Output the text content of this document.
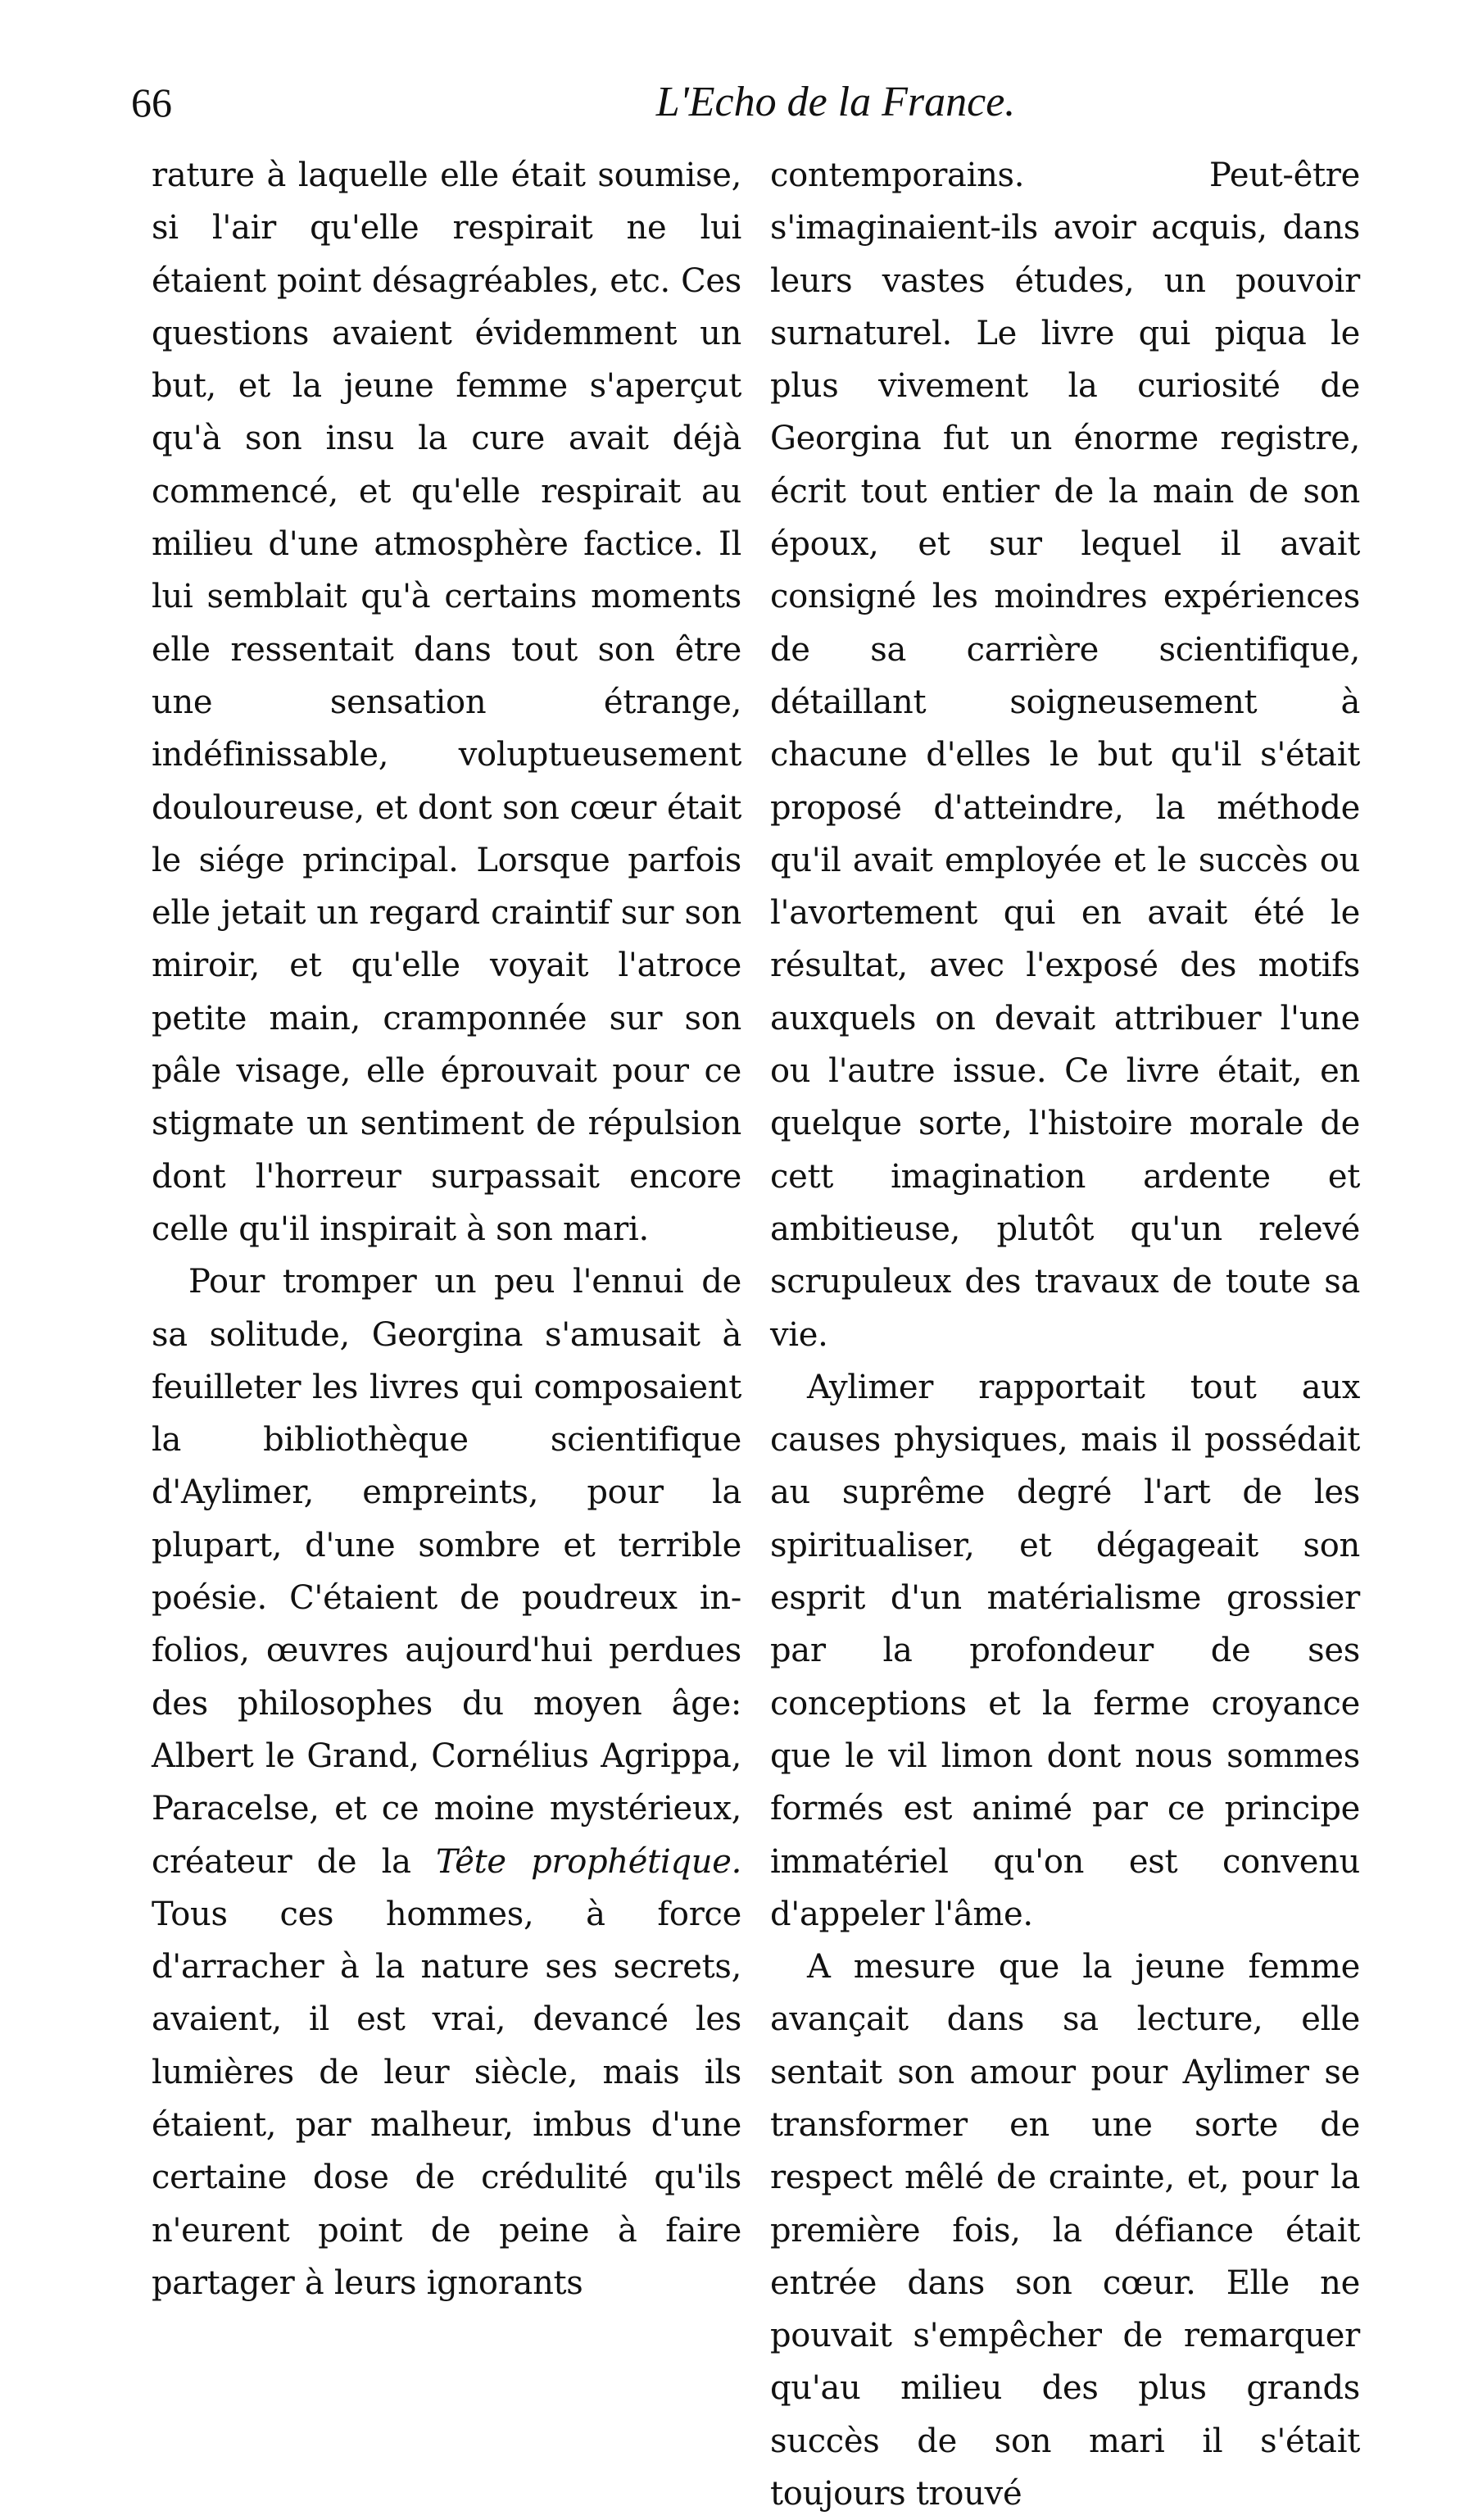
66	L'Echo de la France.

rature à laquelle elle était soumise, si l'air qu'elle respirait ne lui étaient point désagréables, etc. Ces questions avaient évidemment un but, et la jeune femme s'aperçut qu'à son insu la cure avait déjà commencé, et qu'elle respirait au milieu d'une atmosphère factice. Il lui semblait qu'à certains moments elle ressentait dans tout son être une sensation étrange, indéfinissable, voluptueusement douloureuse, et dont son cœur était le siége principal. Lorsque parfois elle jetait un regard craintif sur son miroir, et qu'elle voyait l'atroce petite main, cramponnée sur son pâle visage, elle éprouvait pour ce stigmate un sentiment de répulsion dont l'horreur surpassait encore celle qu'il inspirait à son mari.

Pour tromper un peu l'ennui de sa solitude, Georgina s'amusait à feuilleter les livres qui composaient la bibliothèque scientifique d'Aylimer, empreints, pour la plupart, d'une sombre et terrible poésie. C'étaient de poudreux in-folios, œuvres aujourd'hui perdues des philosophes du moyen âge: Albert le Grand, Cornélius Agrippa, Paracelse, et ce moine mystérieux, créateur de la Tête prophétique. Tous ces hommes, à force d'arracher à la nature ses secrets, avaient, il est vrai, devancé les lumières de leur siècle, mais ils étaient, par malheur, imbus d'une certaine dose de crédulité qu'ils n'eurent point de peine à faire partager à leurs ignorants

contemporains. Peut-être s'imaginaient-ils avoir acquis, dans leurs vastes études, un pouvoir surnaturel. Le livre qui piqua le plus vivement la curiosité de Georgina fut un énorme registre, écrit tout entier de la main de son époux, et sur lequel il avait consigné les moindres expériences de sa carrière scientifique, détaillant soigneusement à chacune d'elles le but qu'il s'était proposé d'atteindre, la méthode qu'il avait employée et le succès ou l'avortement qui en avait été le résultat, avec l'exposé des motifs auxquels on devait attribuer l'une ou l'autre issue. Ce livre était, en quelque sorte, l'histoire morale de cett imagination ardente et ambitieuse, plutôt qu'un relevé scrupuleux des travaux de toute sa vie.

Aylimer rapportait tout aux causes physiques, mais il possédait au suprême degré l'art de les spiritualiser, et dégageait son esprit d'un matérialisme grossier par la profondeur de ses conceptions et la ferme croyance que le vil limon dont nous sommes formés est animé par ce principe immatériel qu'on est convenu d'appeler l'âme.

A mesure que la jeune femme avançait dans sa lecture, elle sentait son amour pour Aylimer se transformer en une sorte de respect mêlé de crainte, et, pour la première fois, la défiance était entrée dans son cœur. Elle ne pouvait s'empêcher de remarquer qu'au milieu des plus grands succès de son mari il s'était toujours trouvé
